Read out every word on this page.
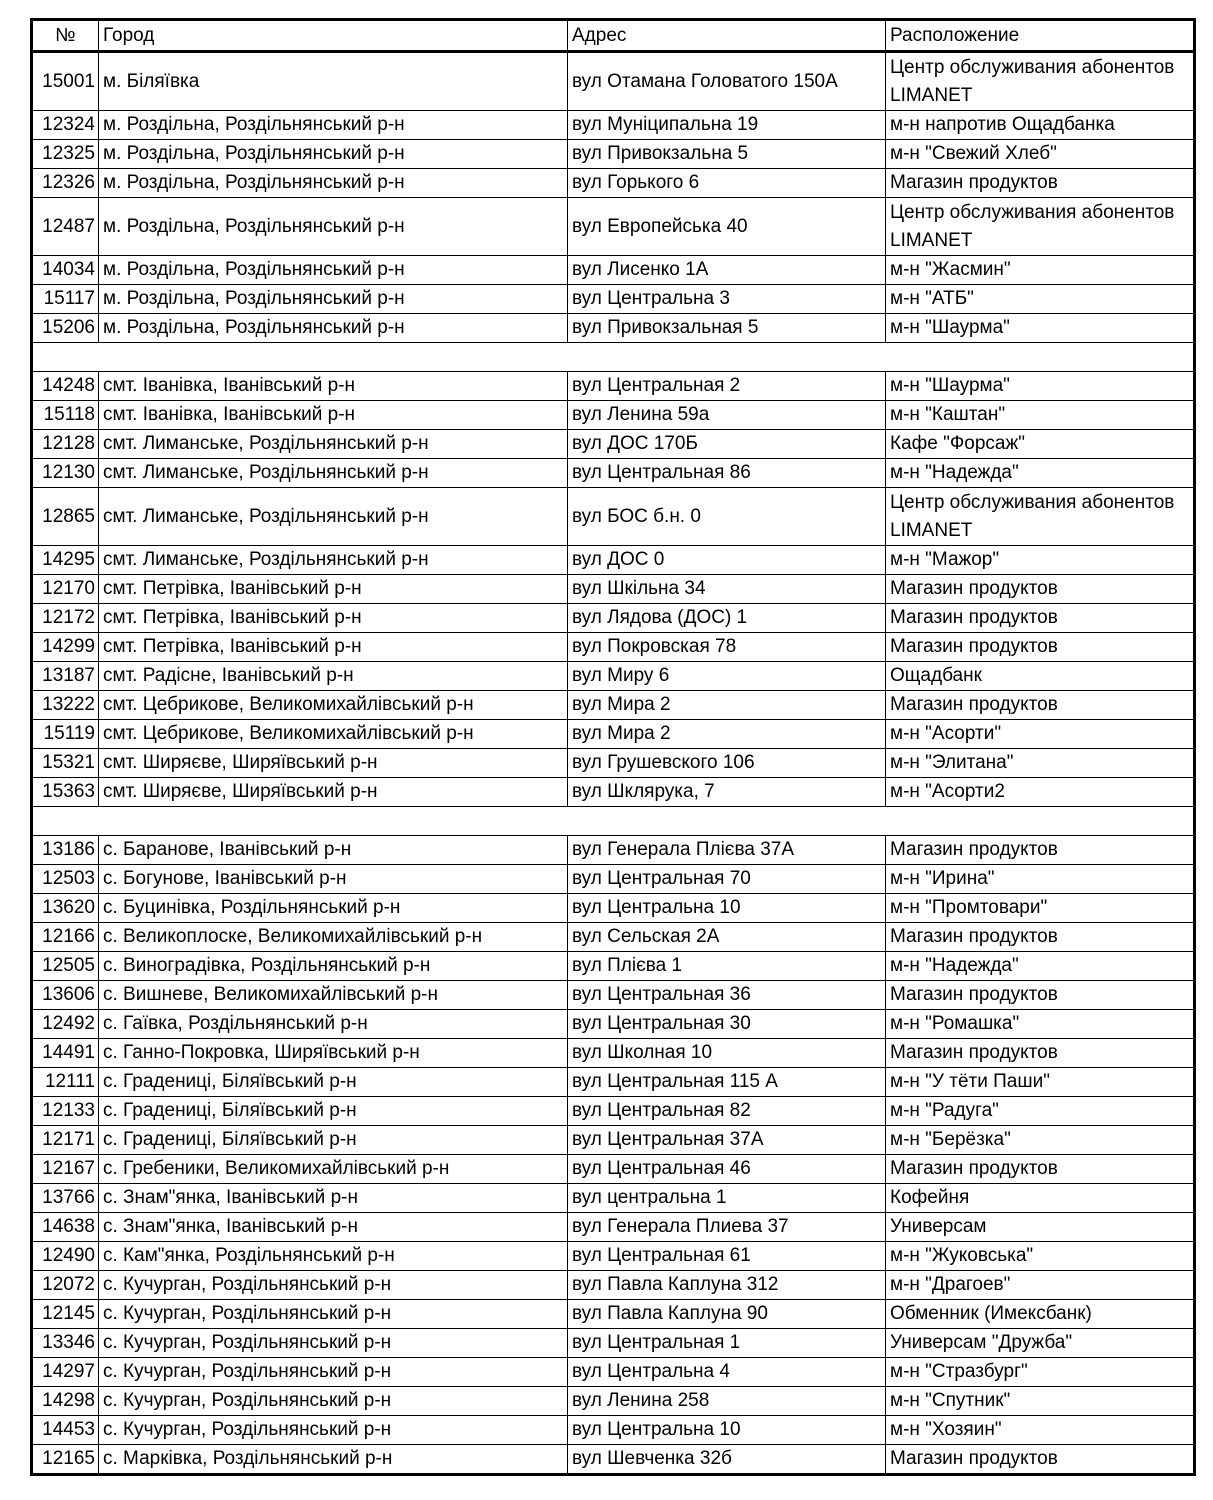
№	Город	Адрес	Расположение
15001	м. Біляївка	вул Отамана Головатого 150А	Центр обслуживания абонентов LIMANET
12324	м. Роздільна, Роздільнянський р-н	вул Муніципальна 19	м-н напротив Ощадбанка
12325	м. Роздільна, Роздільнянський р-н	вул Привокзальна 5	м-н "Свежий Хлеб"
12326	м. Роздільна, Роздільнянський р-н	вул Горького 6	Магазин продуктов
12487	м. Роздільна, Роздільнянський р-н	вул Европейська 40	Центр обслуживания абонентов LIMANET
14034	м. Роздільна, Роздільнянський р-н	вул Лисенко 1А	м-н "Жасмин"
15117	м. Роздільна, Роздільнянський р-н	вул Центральна 3	м-н "АТБ"
15206	м. Роздільна, Роздільнянський р-н	вул Привокзальная 5	м-н "Шаурма"

14248	смт. Іванівка, Іванівський р-н	вул Центральная 2	м-н "Шаурма"
15118	смт. Іванівка, Іванівський р-н	вул Ленина 59а	м-н "Каштан"
12128	смт. Лиманське, Роздільнянський р-н	вул ДОС 170Б	Кафе "Форсаж"
12130	смт. Лиманське, Роздільнянський р-н	вул Центральная 86	м-н "Надежда"
12865	смт. Лиманське, Роздільнянський р-н	вул БОС б.н. 0	Центр обслуживания абонентов LIMANET
14295	смт. Лиманське, Роздільнянський р-н	вул ДОС 0	м-н "Мажор"
12170	смт. Петрівка, Іванівський р-н	вул Шкільна 34	Магазин продуктов
12172	смт. Петрівка, Іванівський р-н	вул Лядова (ДОС) 1	Магазин продуктов
14299	смт. Петрівка, Іванівський р-н	вул Покровская 78	Магазин продуктов
13187	смт. Радісне, Іванівський р-н	вул Миру 6	Ощадбанк
13222	смт. Цебрикове, Великомихайлівський р-н	вул Мира 2	Магазин продуктов
15119	смт. Цебрикове, Великомихайлівський р-н	вул Мира 2	м-н "Асорти"
15321	смт. Ширяєве, Ширяївський р-н	вул Грушевского 106	м-н "Элитана"
15363	смт. Ширяєве, Ширяївський р-н	вул Шклярука, 7	м-н "Асорти2

13186	с. Баранове, Іванівський р-н	вул Генерала Плієва 37А	Магазин продуктов
12503	с. Богунове, Іванівський р-н	вул Центральная 70	м-н "Ирина"
13620	с. Буцинівка, Роздільнянський р-н	вул Центральна 10	м-н "Промтовари"
12166	с. Великоплоске, Великомихайлівський р-н	вул Сельская 2А	Магазин продуктов
12505	с. Виноградівка, Роздільнянський р-н	вул Плієва 1	м-н "Надежда"
13606	с. Вишневе, Великомихайлівський р-н	вул Центральная 36	Магазин продуктов
12492	с. Гаївка, Роздільнянський р-н	вул Центральная 30	м-н "Ромашка"
14491	с. Ганно-Покровка, Ширяївський р-н	вул Школная 10	Магазин продуктов
12111	с. Граденицi, Біляївський р-н	вул Центральная 115 А	м-н "У тёти Паши"
12133	с. Граденицi, Біляївський р-н	вул Центральная 82	м-н "Радуга"
12171	с. Граденицi, Біляївський р-н	вул Центральная 37А	м-н "Берёзка"
12167	с. Гребеники, Великомихайлівський р-н	вул Центральная 46	Магазин продуктов
13766	с. Знам"янка, Іванівський р-н	вул центральна 1	Кофейня
14638	с. Знам"янка, Іванівський р-н	вул Генерала Плиева 37	Универсам
12490	с. Кам"янка, Роздільнянський р-н	вул Центральная 61	м-н "Жуковська"
12072	с. Кучурган, Роздільнянський р-н	вул Павла Каплуна 312	м-н "Драгоев"
12145	с. Кучурган, Роздільнянський р-н	вул Павла Каплуна 90	Обменник (Имексбанк)
13346	с. Кучурган, Роздільнянський р-н	вул Центральная 1	Универсам "Дружба"
14297	с. Кучурган, Роздільнянський р-н	вул Центральна 4	м-н "Стразбург"
14298	с. Кучурган, Роздільнянський р-н	вул Ленина 258	м-н "Спутник"
14453	с. Кучурган, Роздільнянський р-н	вул Центральна 10	м-н "Хозяин"
12165	с. Марківка, Роздільнянський р-н	вул Шевченка 32б	Магазин продуктов
